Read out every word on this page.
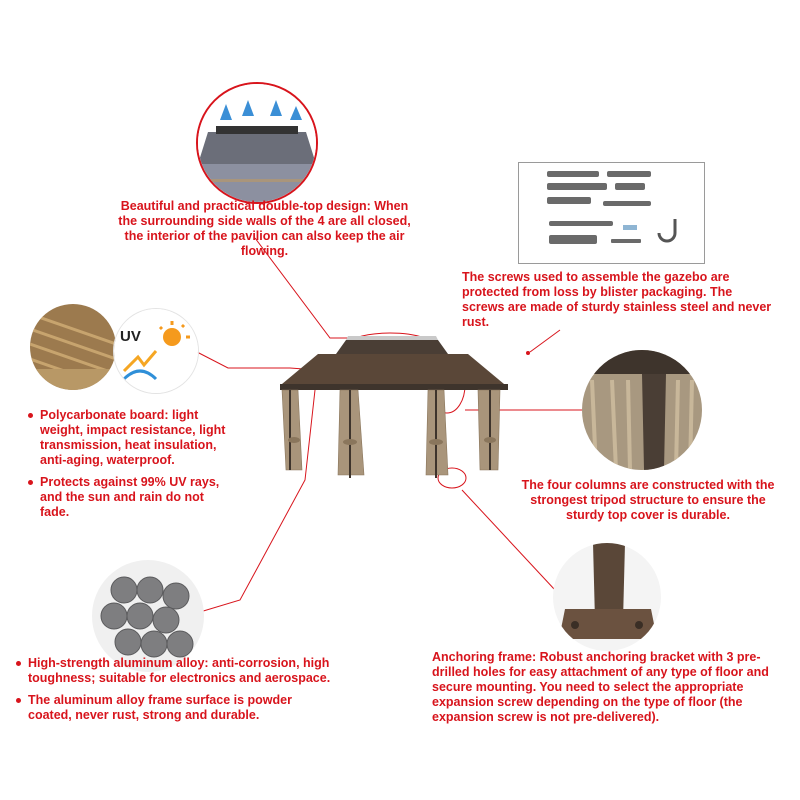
Beautiful and practical double-top design: When the surrounding side walls of the 4 are all closed, the interior of the pavilion can also keep the air flowing.
The screws used to assemble the gazebo are protected from loss by blister packaging. The screws are made of sturdy stainless steel and never rust.
UV
Polycarbonate board: light weight, impact resistance, light transmission, heat insulation, anti-aging, waterproof.
Protects against 99% UV rays, and the sun and rain do not fade.
The four columns are constructed with the strongest tripod structure to ensure the sturdy top cover is durable.
High-strength aluminum alloy: anti-corrosion, high toughness; suitable for electronics and aerospace.
The aluminum alloy frame surface is powder coated, never rust, strong and durable.
Anchoring frame: Robust anchoring bracket with 3 pre-drilled holes for easy attachment of any type of floor and secure mounting. You need to select the appropriate expansion screw depending on the type of floor (the expansion screw is not pre-delivered).
